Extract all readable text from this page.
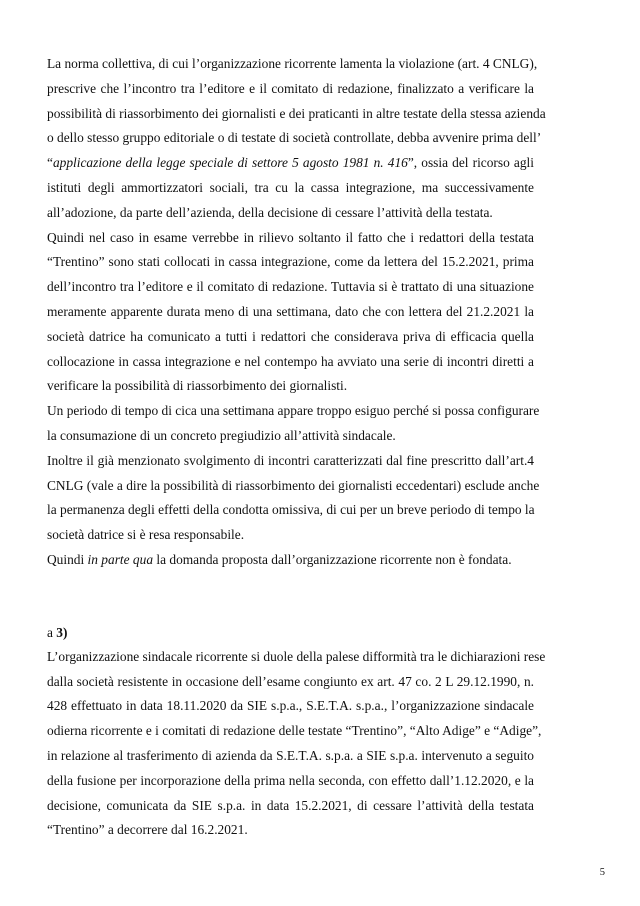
La norma collettiva, di cui l’organizzazione ricorrente lamenta la violazione (art. 4 CNLG),
prescrive che l’incontro tra l’editore e il comitato di redazione, finalizzato a verificare la
possibilità di riassorbimento dei giornalisti e dei praticanti in altre testate della stessa azienda
o dello stesso gruppo editoriale o di testate di società controllate, debba avvenire prima dell’
“applicazione della legge speciale di settore 5 agosto 1981 n. 416”, ossia del ricorso agli
istituti degli ammortizzatori sociali, tra cu la cassa integrazione, ma successivamente
all’adozione, da parte dell’azienda, della decisione di cessare l’attività della testata.
Quindi nel caso in esame verrebbe in rilievo soltanto il fatto che i redattori della testata
“Trentino” sono stati collocati in cassa integrazione, come da lettera del 15.2.2021, prima
dell’incontro tra l’editore e il comitato di redazione. Tuttavia si è trattato di una situazione
meramente apparente durata meno di una settimana, dato che con lettera del 21.2.2021 la
società datrice ha comunicato a tutti i redattori che considerava priva di efficacia quella
collocazione in cassa integrazione e nel contempo ha avviato una serie di incontri diretti a
verificare la possibilità di riassorbimento dei giornalisti.
Un periodo di tempo di cica una settimana appare troppo esiguo perché si possa configurare
la consumazione di un concreto pregiudizio all’attività sindacale.
Inoltre il già menzionato svolgimento di incontri caratterizzati dal fine prescritto dall’art.4
CNLG (vale a dire la possibilità di riassorbimento dei giornalisti eccedentari) esclude anche
la permanenza degli effetti della condotta omissiva, di cui per un breve periodo di tempo la
società datrice si è resa responsabile.
Quindi in parte qua la domanda proposta dall’organizzazione ricorrente non è fondata.
a 3)

L’organizzazione sindacale ricorrente si duole della palese difformità tra le dichiarazioni rese
dalla società resistente in occasione dell’esame congiunto ex art. 47 co. 2 L 29.12.1990, n.
428 effettuato in data 18.11.2020 da SIE s.p.a., S.E.T.A. s.p.a., l’organizzazione sindacale
odierna ricorrente e i comitati di redazione delle testate “Trentino”, “Alto Adige” e “Adige”,
in relazione al trasferimento di azienda da S.E.T.A. s.p.a. a SIE s.p.a. intervenuto a seguito
della fusione per incorporazione della prima nella seconda, con effetto dall’1.12.2020, e la
decisione, comunicata da SIE s.p.a. in data 15.2.2021, di cessare l’attività della testata
“Trentino” a decorrere dal 16.2.2021.
5
